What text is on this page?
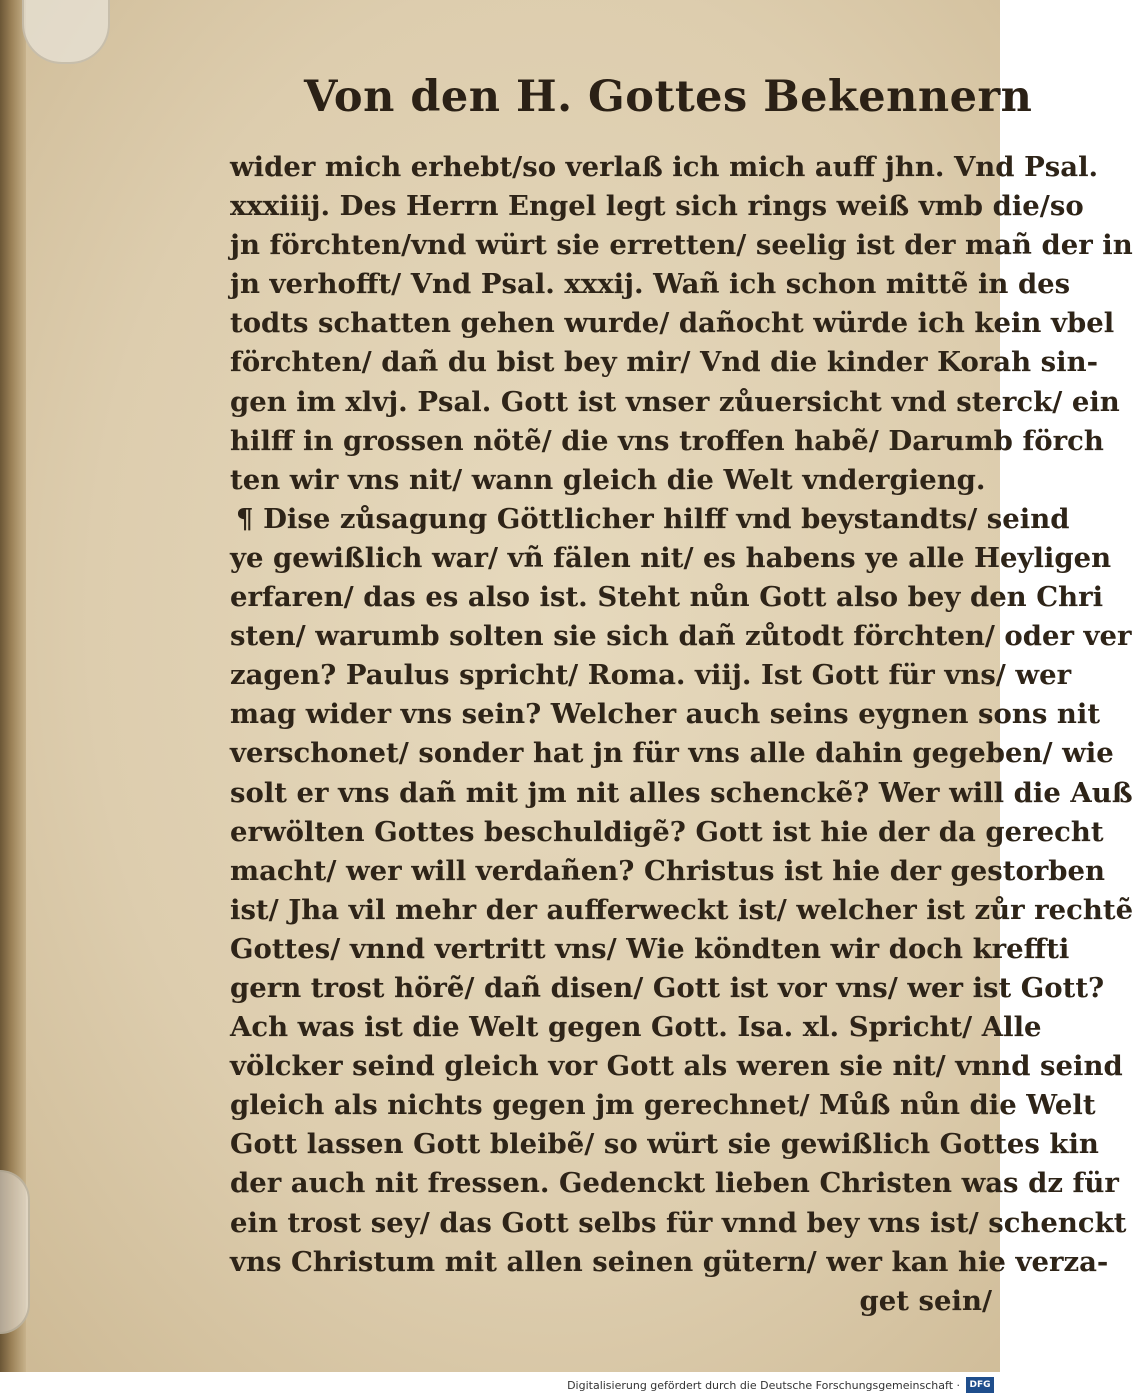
Von den H. Gottes Bekennern
wider mich erhebt/so verlaß ich mich auff jhn. Vnd Psal.
xxxiiij. Des Herrn Engel legt sich rings weiß vmb die/so
jn förchten/vnd würt sie erretten/ seelig ist der mañ der in
jn verhofft/ Vnd Psal. xxxij. Wañ ich schon mittẽ in des
todts schatten gehen wurde/ dañocht würde ich kein vbel
förchten/ dañ du bist bey mir/ Vnd die kinder Korah sin-
gen im xlvj. Psal. Gott ist vnser zůuersicht vnd sterck/ ein
hilff in grossen nötẽ/ die vns troffen habẽ/ Darumb förch
ten wir vns nit/ wann gleich die Welt vndergieng.
¶ Dise zůsagung Göttlicher hilff vnd beystandts/ seind
ye gewißlich war/ vñ fälen nit/ es habens ye alle Heyligen
erfaren/ das es also ist. Steht nůn Gott also bey den Chri
sten/ warumb solten sie sich dañ zůtodt förchten/ oder ver
zagen? Paulus spricht/ Roma. viij. Ist Gott für vns/ wer
mag wider vns sein? Welcher auch seins eygnen sons nit
verschonet/ sonder hat jn für vns alle dahin gegeben/ wie
solt er vns dañ mit jm nit alles schenckẽ? Wer will die Auß
erwölten Gottes beschuldigẽ? Gott ist hie der da gerecht
macht/ wer will verdañen? Christus ist hie der gestorben
ist/ Jha vil mehr der aufferweckt ist/ welcher ist zůr rechtẽ
Gottes/ vnnd vertritt vns/ Wie köndten wir doch kreffti
gern trost hörẽ/ dañ disen/ Gott ist vor vns/ wer ist Gott?
Ach was ist die Welt gegen Gott. Isa. xl. Spricht/ Alle
völcker seind gleich vor Gott als weren sie nit/ vnnd seind
gleich als nichts gegen jm gerechnet/ Můß nůn die Welt
Gott lassen Gott bleibẽ/ so würt sie gewißlich Gottes kin
der auch nit fressen. Gedenckt lieben Christen was dz für
ein trost sey/ das Gott selbs für vnnd bey vns ist/ schenckt
vns Christum mit allen seinen gütern/ wer kan hie verza-
get sein/
Digitalisierung gefördert durch die Deutsche Forschungsgemeinschaft ·	DFG
